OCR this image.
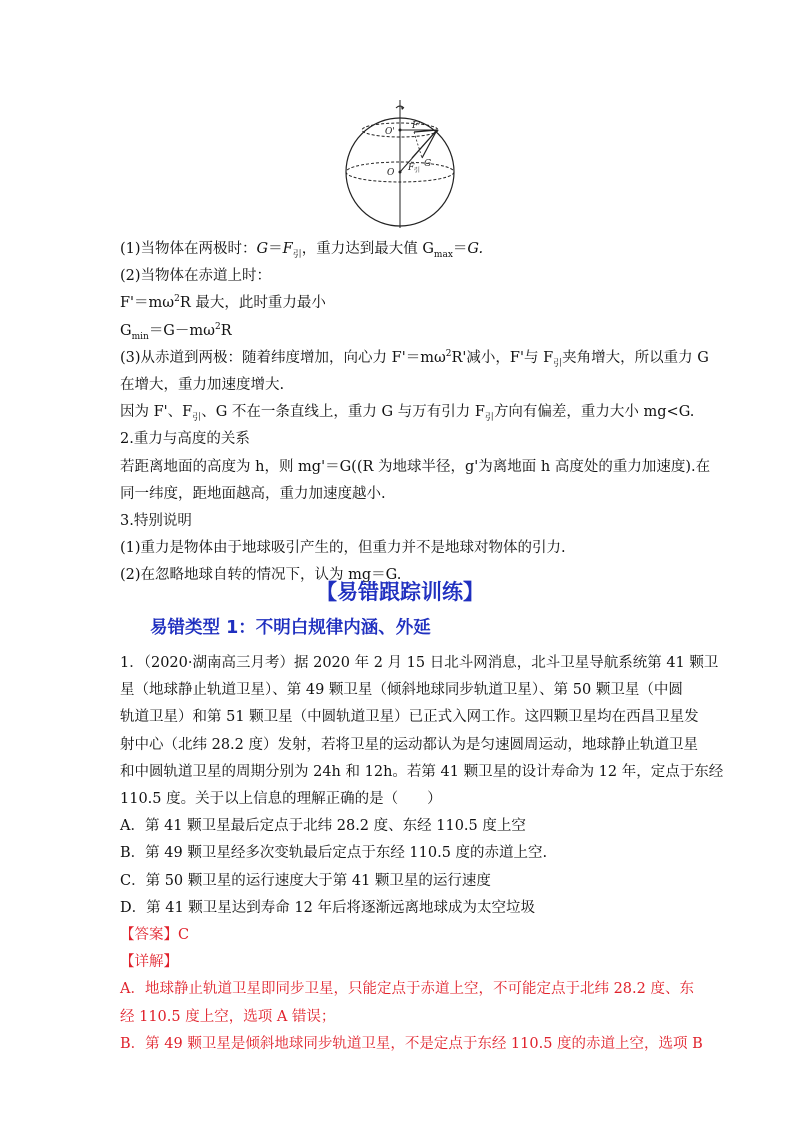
O'
O
F'
F 引
G
(1)当物体在两极时：$G=F_引$，重力达到最大值 $G_{max}=G$.
(2)当物体在赤道上时：
$F'=m\omega^2R$ 最大，此时重力最小
$G_{min}=G-m\omega^2R$
(3)从赤道到两极：随着纬度增加，向心力 $F'=m\omega^2R'$减小，F'与 $F_引$夹角增大，所以重力 G
在增大，重力加速度增大.
因为 F'、$F_引$、G 不在一条直线上，重力 G 与万有引力 $F_引$方向有偏差，重力大小 mg<G.
2.重力与高度的关系
若距离地面的高度为 h，则 mg'＝G((R 为地球半径，g'为离地面 h 高度处的重力加速度).在
同一纬度，距地面越高，重力加速度越小.
3.特别说明
(1)重力是物体由于地球吸引产生的，但重力并不是地球对物体的引力.
(2)在忽略地球自转的情况下，认为 mg＝G.
【易错跟踪训练】
易错类型 1：不明白规律内涵、外延
1．（2020·湖南高三月考）据 2020 年 2 月 15 日北斗网消息，北斗卫星导航系统第 41 颗卫
星（地球静止轨道卫星）、第 49 颗卫星（倾斜地球同步轨道卫星）、第 50 颗卫星（中圆
轨道卫星）和第 51 颗卫星（中圆轨道卫星）已正式入网工作。这四颗卫星均在西昌卫星发
射中心（北纬 28.2 度）发射，若将卫星的运动都认为是匀速圆周运动，地球静止轨道卫星
和中圆轨道卫星的周期分别为 24h 和 12h。若第 41 颗卫星的设计寿命为 12 年，定点于东经
110.5 度。关于以上信息的理解正确的是（　　）
A．第 41 颗卫星最后定点于北纬 28.2 度、东经 110.5 度上空
B．第 49 颗卫星经多次变轨最后定点于东经 110.5 度的赤道上空.
C．第 50 颗卫星的运行速度大于第 41 颗卫星的运行速度
D．第 41 颗卫星达到寿命 12 年后将逐渐远离地球成为太空垃圾
【答案】C
【详解】
A．地球静止轨道卫星即同步卫星，只能定点于赤道上空，不可能定点于北纬 28.2 度、东
经 110.5 度上空，选项 A 错误；
B．第 49 颗卫星是倾斜地球同步轨道卫星，不是定点于东经 110.5 度的赤道上空，选项 B
